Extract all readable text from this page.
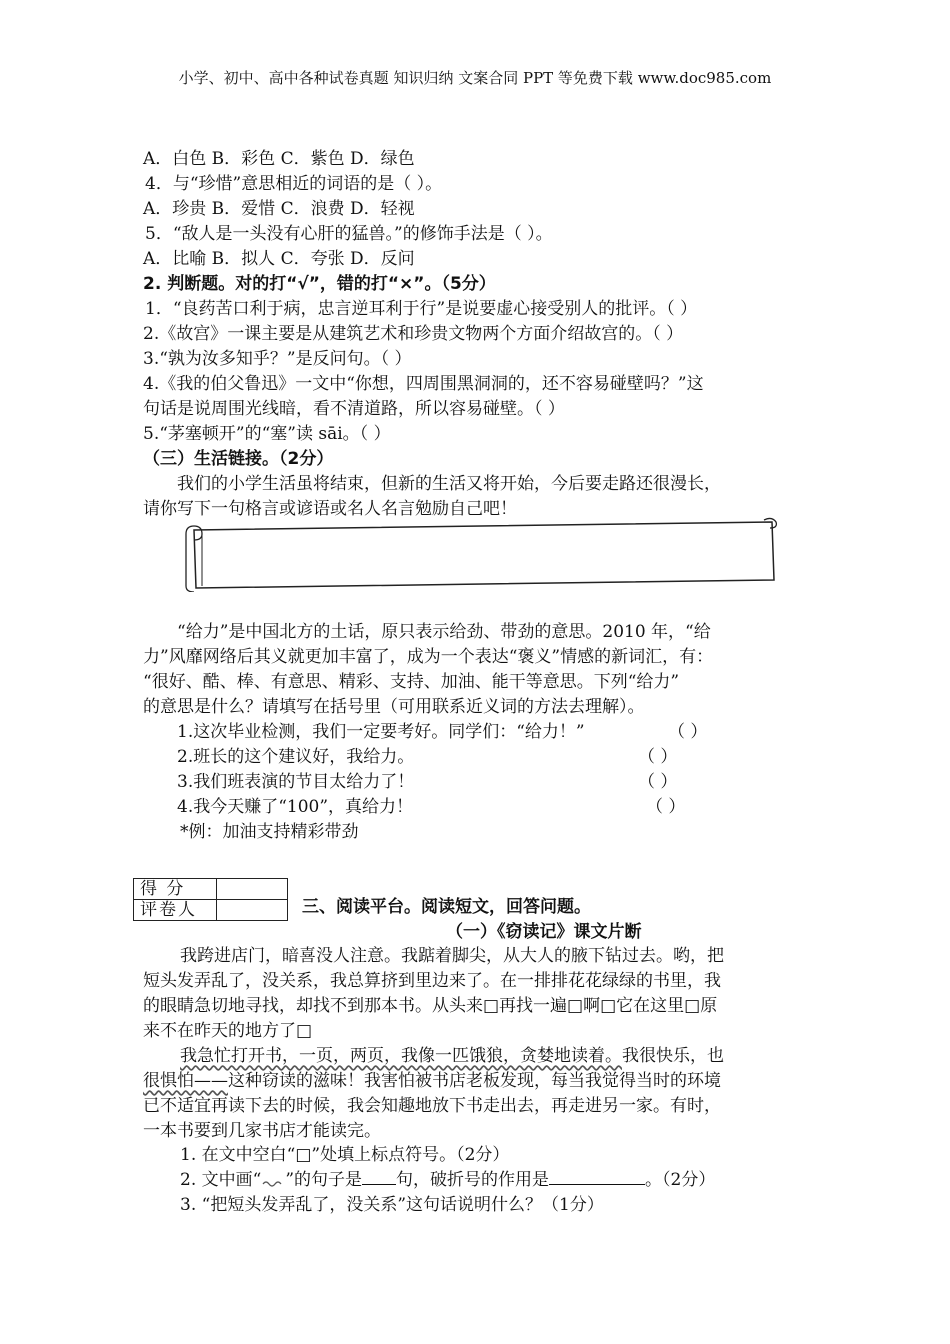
小学、初中、高中各种试卷真题 知识归纳 文案合同 PPT 等免费下载 www.doc985.com
A．白色 B．彩色 C．紫色 D．绿色
4．与“珍惜”意思相近的词语的是（ ）。
A．珍贵 B．爱惜 C．浪费 D．轻视
5．“敌人是一头没有心肝的猛兽。”的修饰手法是（ ）。
A．比喻 B．拟人 C．夸张 D．反问
2. 判断题。对的打“√”，错的打“×”。（5分）
1．“良药苦口利于病，忠言逆耳利于行”是说要虚心接受别人的批评。（ ）
2.《故宫》一课主要是从建筑艺术和珍贵文物两个方面介绍故宫的。（ ）
3.“孰为汝多知乎？”是反问句。（ ）
4.《我的伯父鲁迅》一文中“你想，四周围黑洞洞的，还不容易碰壁吗？”这
句话是说周围光线暗，看不清道路，所以容易碰壁。（ ）
5.“茅塞顿开”的“塞”读 sāi。（ ）
（三）生活链接。（2分）
我们的小学生活虽将结束，但新的生活又将开始，今后要走路还很漫长，
请你写下一句格言或谚语或名人名言勉励自己吧！
“给力”是中国北方的土话，原只表示给劲、带劲的意思。2010 年，“给
力”风靡网络后其义就更加丰富了，成为一个表达“褒义”情感的新词汇，有：
“很好、酷、棒、有意思、精彩、支持、加油、能干等意思。下列“给力”
的意思是什么？请填写在括号里（可用联系近义词的方法去理解）。
1.这次毕业检测，我们一定要考好。同学们：“给力！”	（ ）
2.班长的这个建议好，我给力。	（ ）
3.我们班表演的节目太给力了！	（ ）
4.我今天赚了“100”，真给力！	（ ）
*例：加油支持精彩带劲
得 分	
评卷人		三、阅读平台。阅读短文，回答问题。
（一）《窃读记》课文片断
我跨进店门，暗喜没人注意。我踮着脚尖，从大人的腋下钻过去。哟，把
短头发弄乱了，没关系，我总算挤到里边来了。在一排排花花绿绿的书里，我
的眼睛急切地寻找，却找不到那本书。从头来□再找一遍□啊□它在这里□原
来不在昨天的地方了□
我急忙打开书，一页，两页，我像一匹饿狼，贪婪地读着。我很快乐，也
很惧怕——这种窃读的滋味！我害怕被书店老板发现，每当我觉得当时的环境
已不适宜再读下去的时候，我会知趣地放下书走出去，再走进另一家。有时，
一本书要到几家书店才能读完。
1. 在文中空白“□”处填上标点符号。（2分）
2. 文中画“ ”的句子是 句，破折号的作用是	。（2分）
3. “把短头发弄乱了，没关系”这句话说明什么？（1分）
